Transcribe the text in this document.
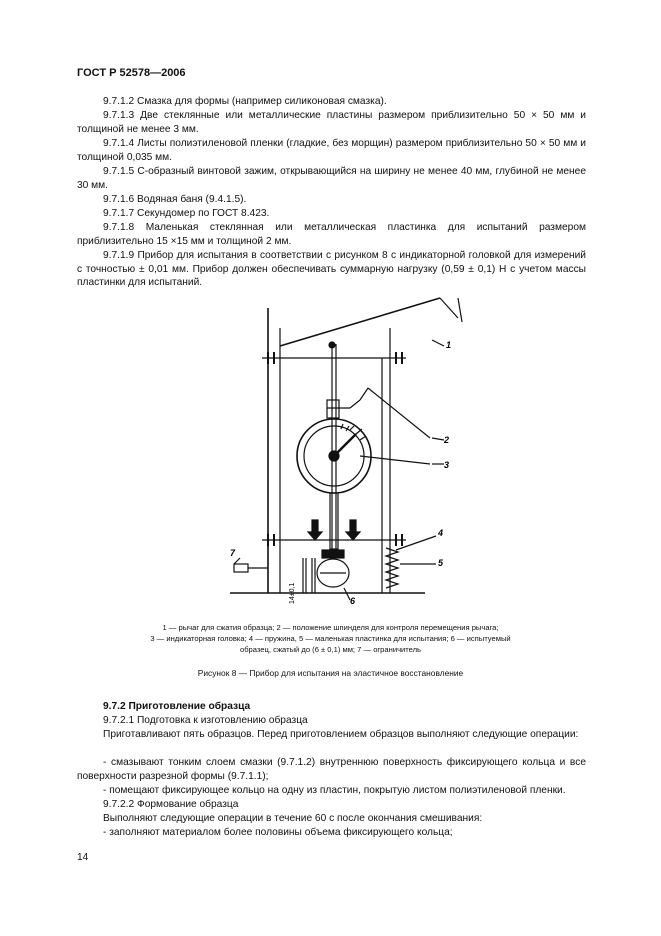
ГОСТ Р 52578—2006
9.7.1.2 Смазка для формы (например силиконовая смазка).
9.7.1.3 Две стеклянные или металлические пластины размером приблизительно 50 × 50 мм и толщиной не менее 3 мм.
9.7.1.4 Листы полиэтиленовой пленки (гладкие, без морщин) размером приблизительно 50 × 50 мм и толщиной 0,035 мм.
9.7.1.5 С-образный винтовой зажим, открывающийся на ширину не менее 40 мм, глубиной не менее 30 мм.
9.7.1.6 Водяная баня (9.4.1.5).
9.7.1.7 Секундомер по ГОСТ 8.423.
9.7.1.8 Маленькая стеклянная или металлическая пластинка для испытаний размером приблизительно 15 ×15 мм и толщиной 2 мм.
9.7.1.9 Прибор для испытания в соответствии с рисунком 8 с индикаторной головкой для измерений с точностью ± 0,01 мм. Прибор должен обеспечивать суммарную нагрузку (0,59 ± 0,1) Н с учетом массы пластинки для испытаний.
1
2
3
4
5
6
7
14±0,1
1 — рычаг для сжатия образца; 2 — положение шпинделя для контроля перемещения рычага;
3 — индикаторная головка; 4 — пружина, 5 — маленькая пластинка для испытания; 6 — испытуемый
образец, сжатый до (6 ± 0,1) мм; 7 — ограничитель
Рисунок 8 — Прибор для испытания на эластичное восстановление
9.7.2 Приготовление образца
9.7.2.1 Подготовка к изготовлению образца
Приготавливают пять образцов. Перед приготовлением образцов выполняют следующие операции:
- смазывают тонким слоем смазки (9.7.1.2) внутреннюю поверхность фиксирующего кольца и все поверхности разрезной формы (9.7.1.1);
- помещают фиксирующее кольцо на одну из пластин, покрытую листом полиэтиленовой пленки.
9.7.2.2 Формование образца
Выполняют следующие операции в течение 60 с после окончания смешивания:
- заполняют материалом более половины объема фиксирующего кольца;
14
